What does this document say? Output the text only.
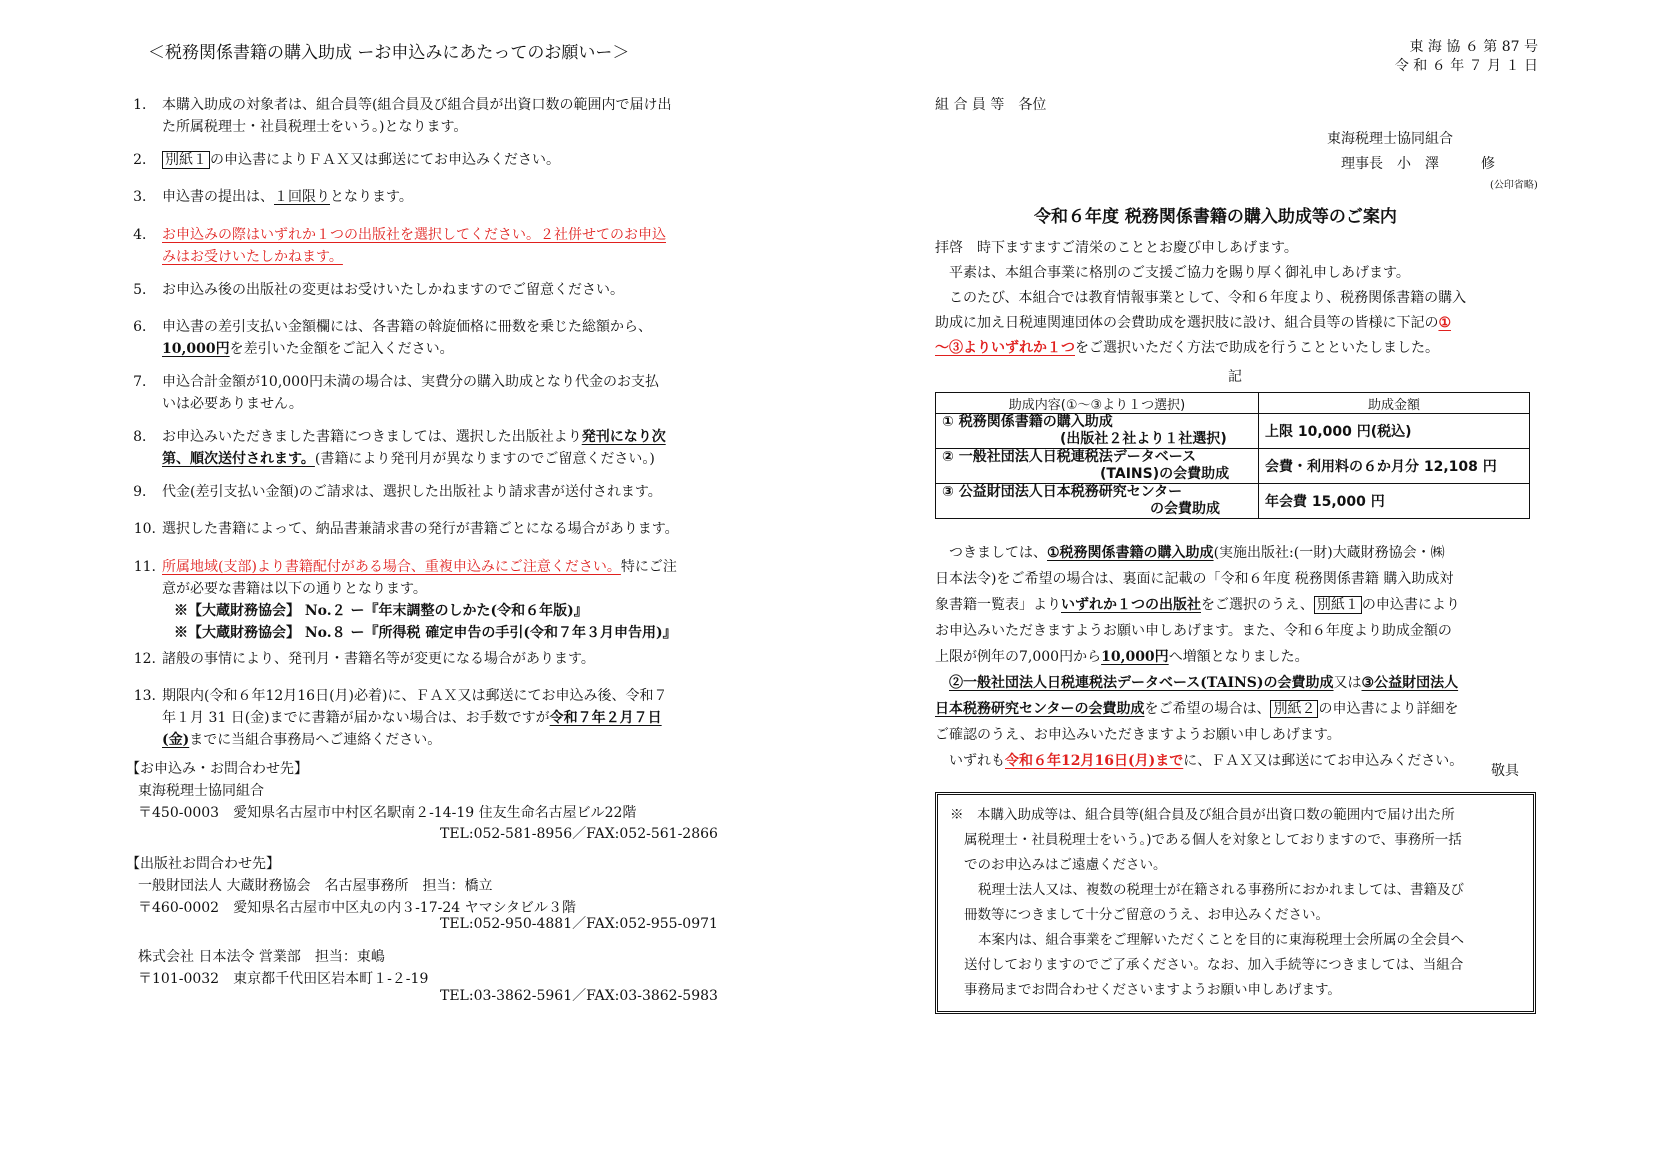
＜税務関係書籍の購入助成 ーお申込みにあたってのお願いー＞
1． 本購入助成の対象者は、組合員等(組合員及び組合員が出資口数の範囲内で届け出
た所属税理士・社員税理士をいう。)となります。
2． 別紙１ の申込書によりＦＡＸ又は郵送にてお申込みください。
3． 申込書の提出は、１回限りとなります。
4． お申込みの際はいずれか１つの出版社を選択してください。２社併せてのお申込
みはお受けいたしかねます。
5． お申込み後の出版社の変更はお受けいたしかねますのでご留意ください。
6． 申込書の差引支払い金額欄には、各書籍の斡旋価格に冊数を乗じた総額から、
10,000円を差引いた金額をご記入ください。
7． 申込合計金額が10,000円未満の場合は、実費分の購入助成となり代金のお支払
いは必要ありません。
8． お申込みいただきました書籍につきましては、選択した出版社より発刊になり次
第、順次送付されます。(書籍により発刊月が異なりますのでご留意ください。)
9． 代金(差引支払い金額)のご請求は、選択した出版社より請求書が送付されます。
10. 選択した書籍によって、納品書兼請求書の発行が書籍ごとになる場合があります。
11. 所属地域(支部)より書籍配付がある場合、重複申込みにご注意ください。特にご注
意が必要な書籍は以下の通りとなります。
※【大蔵財務協会】 No.２ ー『年末調整のしかた(令和６年版)』
※【大蔵財務協会】 No.８ ー『所得税 確定申告の手引(令和７年３月申告用)』
12. 諸般の事情により、発刊月・書籍名等が変更になる場合があります。
13. 期限内(令和６年12月16日(月)必着)に、ＦＡＸ又は郵送にてお申込み後、令和７
年１月 31 日(金)までに書籍が届かない場合は、お手数ですが令和７年２月７日
(金)までに当組合事務局へご連絡ください。
【お申込み・お問合わせ先】
東海税理士協同組合
〒450-0003　愛知県名古屋市中村区名駅南２-14-19 住友生命名古屋ビル22階
TEL:052-581-8956／FAX:052-561-2866
【出版社お問合わせ先】
一般財団法人 大蔵財務協会　名古屋事務所　担当：橋立
〒460-0002　愛知県名古屋市中区丸の内３-17-24 ヤマシタビル３階
TEL:052-950-4881／FAX:052-955-0971
株式会社 日本法令 営業部　担当：東嶋
〒101-0032　東京都千代田区岩本町１-２-19
TEL:03-3862-5961／FAX:03-3862-5983
東 海 協 ６ 第 87 号
令 和 ６ 年 ７ 月 １ 日
組 合 員 等　各位
東海税理士協同組合
理事長　小　澤　　　修
(公印省略)
令和６年度 税務関係書籍の購入助成等のご案内
拝啓　時下ますますご清栄のこととお慶び申しあげます。
平素は、本組合事業に格別のご支援ご協力を賜り厚く御礼申しあげます。
このたび、本組合では教育情報事業として、令和６年度より、税務関係書籍の購入
助成に加え日税連関連団体の会費助成を選択肢に設け、組合員等の皆様に下記の①
～③よりいずれか１つをご選択いただく方法で助成を行うことといたしました。
記
助成内容(①～③より１つ選択)	助成金額

① 税務関係書籍の購入助成
(出版社２社より１社選択)	上限 10,000 円(税込)

② 一般社団法人日税連税法データベース
(TAINS)の会費助成	会費・利用料の６か月分 12,108 円

③ 公益財団法人日本税務研究センター
の会費助成	年会費 15,000 円
つきましては、①税務関係書籍の購入助成(実施出版社:(一財)大蔵財務協会・㈱
日本法令)をご希望の場合は、裏面に記載の「令和６年度 税務関係書籍 購入助成対
象書籍一覧表」よりいずれか１つの出版社をご選択のうえ、 別紙１ の申込書により
お申込みいただきますようお願い申しあげます。また、令和６年度より助成金額の
上限が例年の7,000円から10,000円へ増額となりました。
②一般社団法人日税連税法データベース(TAINS)の会費助成又は③公益財団法人
日本税務研究センターの会費助成をご希望の場合は、 別紙２ の申込書により詳細を
ご確認のうえ、お申込みいただきますようお願い申しあげます。
いずれも令和６年12月16日(月)までに、ＦＡＸ又は郵送にてお申込みください。
敬具
※　本購入助成等は、組合員等(組合員及び組合員が出資口数の範囲内で届け出た所
属税理士・社員税理士をいう。)である個人を対象としておりますので、事務所一括
でのお申込みはご遠慮ください。
税理士法人又は、複数の税理士が在籍される事務所におかれましては、書籍及び
冊数等につきまして十分ご留意のうえ、お申込みください。
本案内は、組合事業をご理解いただくことを目的に東海税理士会所属の全会員へ
送付しておりますのでご了承ください。なお、加入手続等につきましては、当組合
事務局までお問合わせくださいますようお願い申しあげます。
